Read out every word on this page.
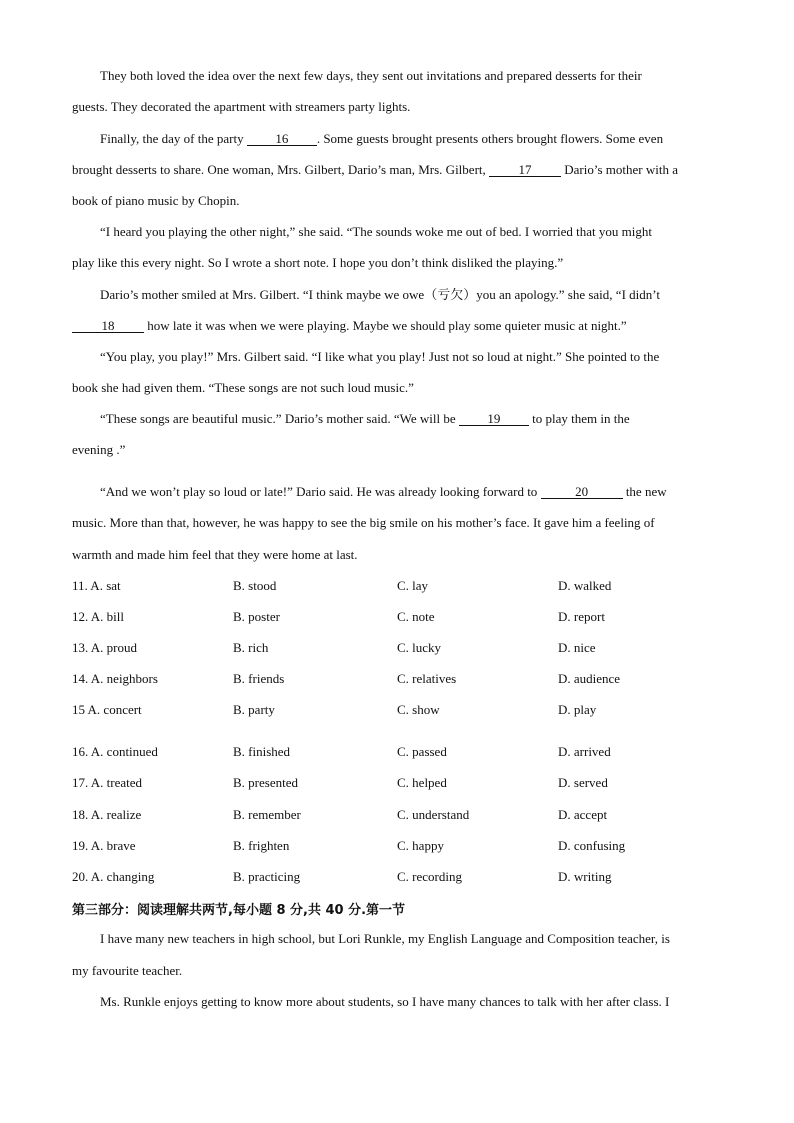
They both loved the idea over the next few days, they sent out invitations and prepared desserts for their
guests. They decorated the apartment with streamers party lights.
Finally, the day of the party 16 . Some guests brought presents others brought flowers. Some even
brought desserts to share. One woman, Mrs. Gilbert, Dario’s man, Mrs. Gilbert, 17 Dario’s mother with a
book of piano music by Chopin.
“I heard you playing the other night,” she said. “The sounds woke me out of bed. I worried that you might
play like this every night. So I wrote a short note. I hope you don’t think disliked the playing.”
Dario’s mother smiled at Mrs. Gilbert. “I think maybe we owe（亏欠）you an apology.” she said, “I didn’t
18 how late it was when we were playing. Maybe we should play some quieter music at night.”
“You play, you play!” Mrs. Gilbert said. “I like what you play! Just not so loud at night.” She pointed to the
book she had given them. “These songs are not such loud music.”
“These songs are beautiful music.” Dario’s mother said. “We will be 19 to play them in the
evening .”
“And we won’t play so loud or late!” Dario said. He was already looking forward to	20	the new
music. More than that, however, he was happy to see the big smile on his mother’s face. It gave him a feeling of
warmth and made him feel that they were home at last.
11. A. sat	B. stood	C. lay	D. walked
12. A. bill	B. poster	C. note	D. report
13. A. proud	B. rich	C. lucky	D. nice
14. A. neighbors	B. friends	C. relatives	D. audience
15 A. concert	B. party	C. show	D. play
16. A. continued	B. finished	C. passed	D. arrived
17. A. treated	B. presented	C. helped	D. served
18. A. realize	B. remember	C. understand	D. accept
19. A. brave	B. frighten	C. happy	D. confusing
20. A. changing	B. practicing	C. recording	D. writing
第三部分：阅读理解共两节,每小题 8 分,共 40 分.第一节
I have many new teachers in high school, but Lori Runkle, my English Language and Composition teacher, is
my favourite teacher.
Ms. Runkle enjoys getting to know more about students, so I have many chances to talk with her after class. I
